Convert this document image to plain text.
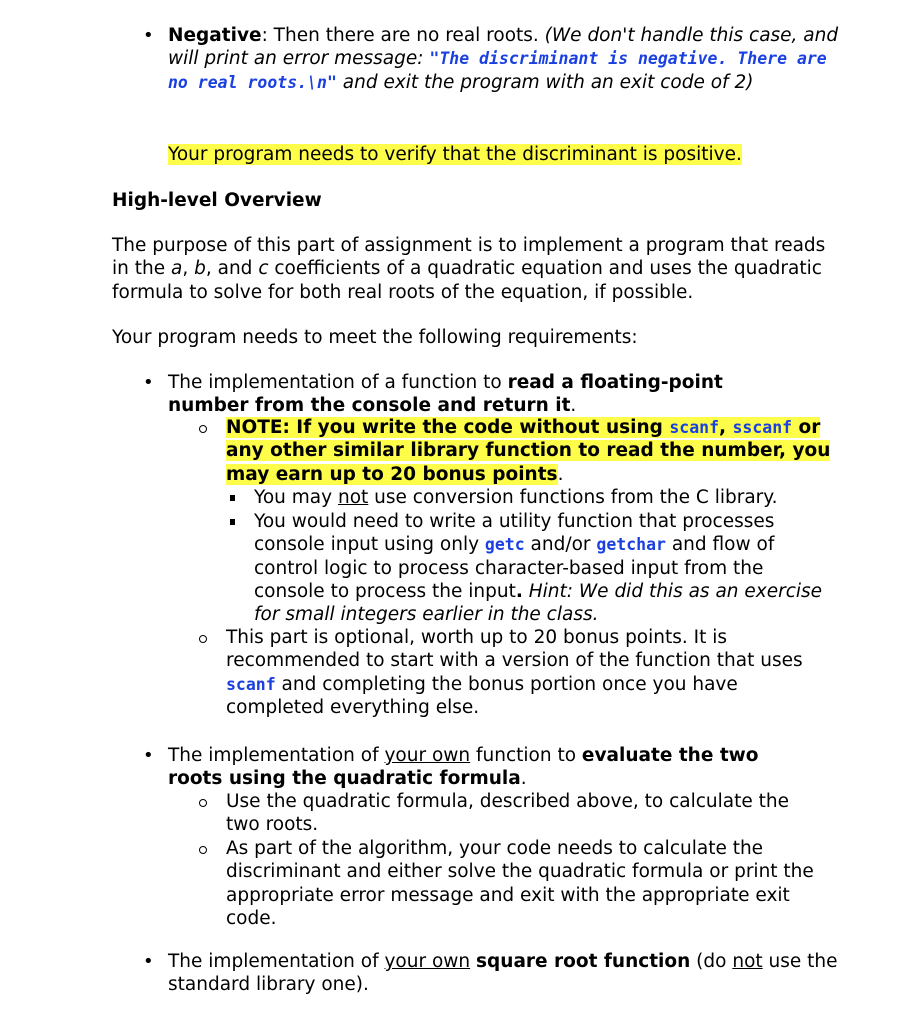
• Negative: Then there are no real roots. (We don't handle this case, and will print an error message: "The discriminant is negative. There are no real roots.\n" and exit the program with an exit code of 2)
Your program needs to verify that the discriminant is positive.
High-level Overview
The purpose of this part of assignment is to implement a program that reads in the a, b, and c coefficients of a quadratic equation and uses the quadratic formula to solve for both real roots of the equation, if possible.
Your program needs to meet the following requirements:
• The implementation of a function to read a floating-point number from the console and return it.
NOTE: If you write the code without using scanf, sscanf or any other similar library function to read the number, you may earn up to 20 bonus points.
You may not use conversion functions from the C library.
You would need to write a utility function that processes console input using only getc and/or getchar and flow of control logic to process character-based input from the console to process the input. Hint: We did this as an exercise for small integers earlier in the class.
This part is optional, worth up to 20 bonus points. It is recommended to start with a version of the function that uses scanf and completing the bonus portion once you have completed everything else.
• The implementation of your own function to evaluate the two roots using the quadratic formula.
Use the quadratic formula, described above, to calculate the two roots.
As part of the algorithm, your code needs to calculate the discriminant and either solve the quadratic formula or print the appropriate error message and exit with the appropriate exit code.
• The implementation of your own square root function (do not use the standard library one).
